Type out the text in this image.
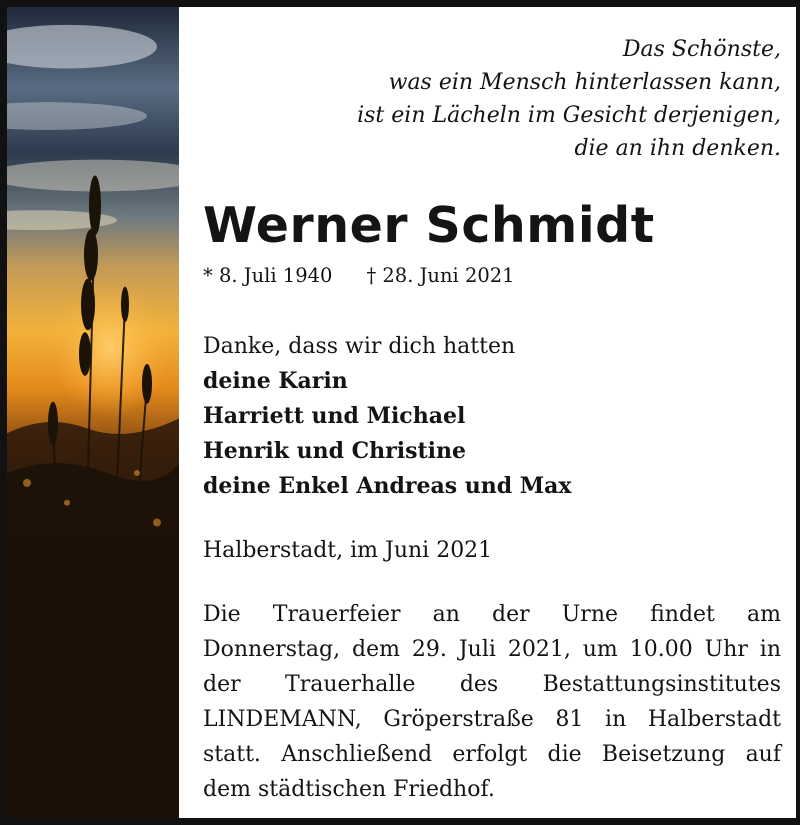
Das Schönste,
was ein Mensch hinterlassen kann,
ist ein Lächeln im Gesicht derjenigen,
die an ihn denken.
Werner Schmidt
* 8. Juli 1940 † 28. Juni 2021
Danke, dass wir dich hatten
deine Karin
Harriett und Michael
Henrik und Christine
deine Enkel Andreas und Max
Halberstadt, im Juni 2021
Die Trauerfeier an der Urne findet am
Donnerstag, dem 29. Juli 2021, um 10.00 Uhr in
der Trauerhalle des Bestattungsinstitutes
LINDEMANN, Gröperstraße 81 in Halberstadt
statt. Anschließend erfolgt die Beisetzung auf
dem städtischen Friedhof.
